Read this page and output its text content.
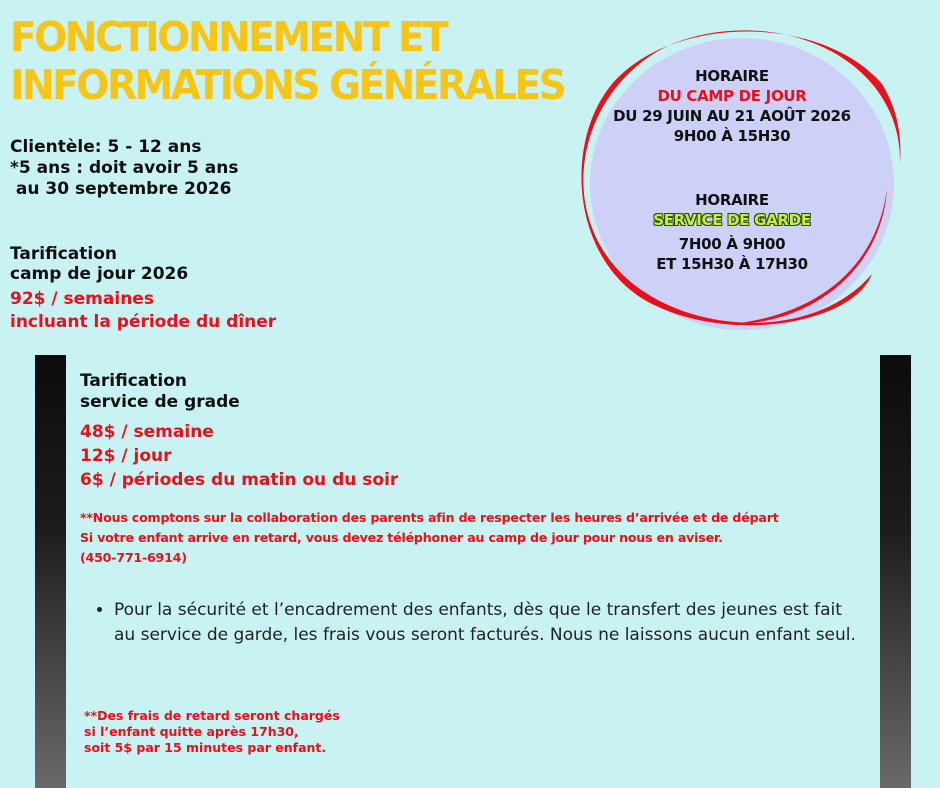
FONCTIONNEMENT ET
INFORMATIONS GÉNÉRALES
Clientèle: 5 - 12 ans
*5 ans : doit avoir 5 ans
au 30 septembre 2026
Tarification
camp de jour 2026
92$ / semaines
incluant la période du dîner
HORAIRE
DU CAMP DE JOUR
DU 29 JUIN AU 21 AOÛT 2026
9H00 À 15H30
HORAIRE
SERVICE DE GARDE
7H00 À 9H00
ET 15H30 À 17H30
Tarification
service de grade
48$ / semaine
12$ / jour
6$ / périodes du matin ou du soir
**Nous comptons sur la collaboration des parents afin de respecter les heures d’arrivée et de départ
Si votre enfant arrive en retard, vous devez téléphoner au camp de jour pour nous en aviser.
(450-771-6914)
• Pour la sécurité et l’encadrement des enfants, dès que le transfert des jeunes est fait au service de garde, les frais vous seront facturés. Nous ne laissons aucun enfant seul.
**Des frais de retard seront chargés
si l’enfant quitte après 17h30,
soit 5$ par 15 minutes par enfant.
